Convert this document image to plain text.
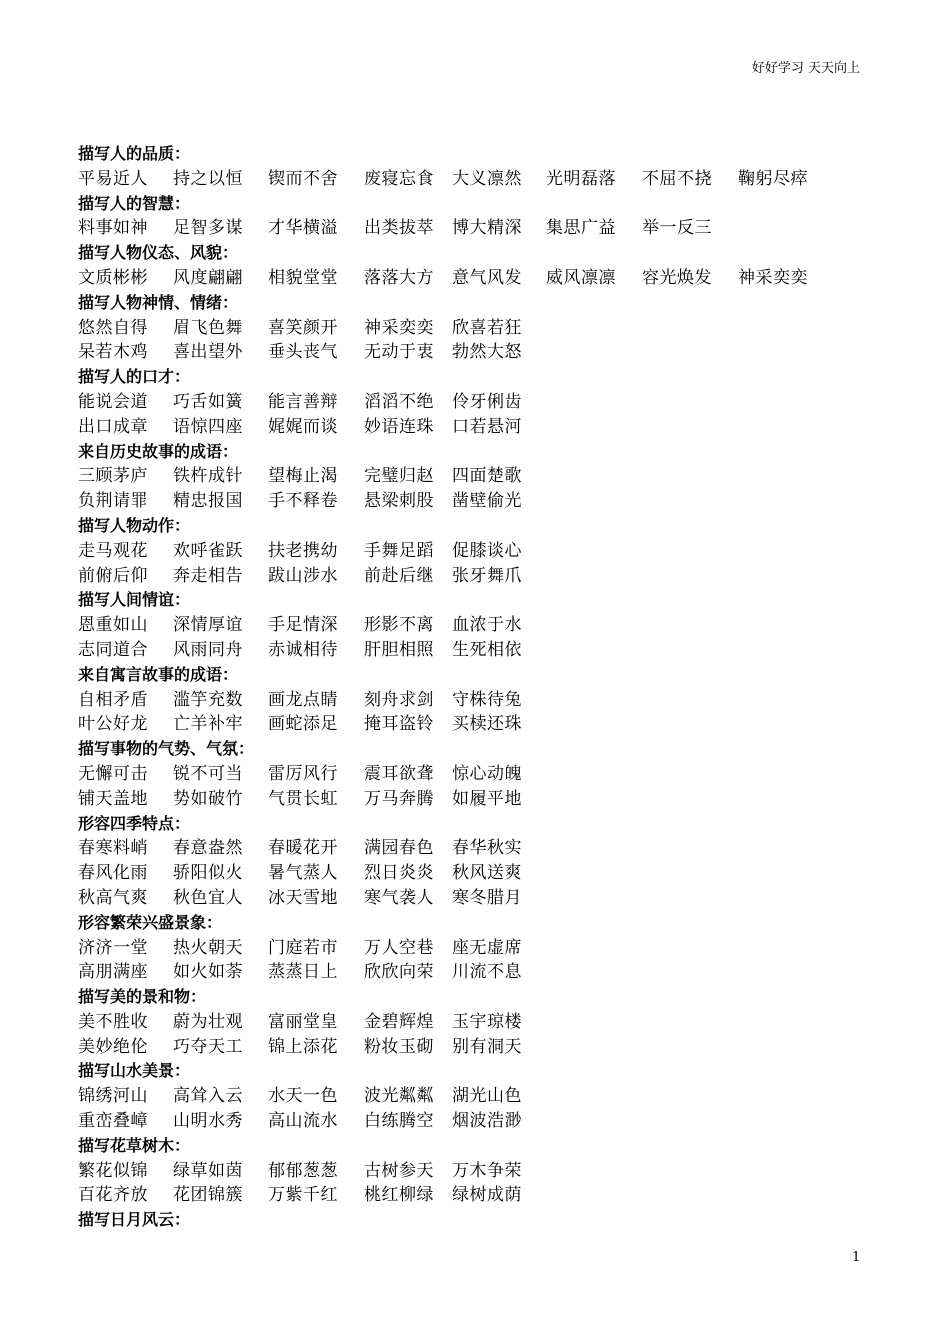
好好学习 天天向上
描写人的品质：
平易近人 持之以恒 锲而不舍 废寝忘食 大义凛然 光明磊落 不屈不挠 鞠躬尽瘁
描写人的智慧：
料事如神 足智多谋 才华横溢 出类拔萃 博大精深 集思广益 举一反三
描写人物仪态、风貌：
文质彬彬 风度翩翩 相貌堂堂 落落大方 意气风发 威风凛凛 容光焕发 神采奕奕
描写人物神情、情绪：
悠然自得 眉飞色舞 喜笑颜开 神采奕奕 欣喜若狂
呆若木鸡 喜出望外 垂头丧气 无动于衷 勃然大怒
描写人的口才：
能说会道 巧舌如簧 能言善辩 滔滔不绝 伶牙俐齿
出口成章 语惊四座 娓娓而谈 妙语连珠 口若悬河
来自历史故事的成语：
三顾茅庐 铁杵成针 望梅止渴 完璧归赵 四面楚歌
负荆请罪 精忠报国 手不释卷 悬梁刺股 凿壁偷光
描写人物动作：
走马观花 欢呼雀跃 扶老携幼 手舞足蹈 促膝谈心
前俯后仰 奔走相告 跋山涉水 前赴后继 张牙舞爪
描写人间情谊：
恩重如山 深情厚谊 手足情深 形影不离 血浓于水
志同道合 风雨同舟 赤诚相待 肝胆相照 生死相依
来自寓言故事的成语：
自相矛盾 滥竽充数 画龙点睛 刻舟求剑 守株待兔
叶公好龙 亡羊补牢 画蛇添足 掩耳盗铃 买椟还珠
描写事物的气势、气氛：
无懈可击 锐不可当 雷厉风行 震耳欲聋 惊心动魄
铺天盖地 势如破竹 气贯长虹 万马奔腾 如履平地
形容四季特点：
春寒料峭 春意盎然 春暖花开 满园春色 春华秋实
春风化雨 骄阳似火 暑气蒸人 烈日炎炎 秋风送爽
秋高气爽 秋色宜人 冰天雪地 寒气袭人 寒冬腊月
形容繁荣兴盛景象：
济济一堂 热火朝天 门庭若市 万人空巷 座无虚席
高朋满座 如火如荼 蒸蒸日上 欣欣向荣 川流不息
描写美的景和物：
美不胜收 蔚为壮观 富丽堂皇 金碧辉煌 玉宇琼楼
美妙绝伦 巧夺天工 锦上添花 粉妆玉砌 别有洞天
描写山水美景：
锦绣河山 高耸入云 水天一色 波光粼粼 湖光山色
重峦叠嶂 山明水秀 高山流水 白练腾空 烟波浩渺
描写花草树木：
繁花似锦 绿草如茵 郁郁葱葱 古树参天 万木争荣
百花齐放 花团锦簇 万紫千红 桃红柳绿 绿树成荫
描写日月风云：
1
